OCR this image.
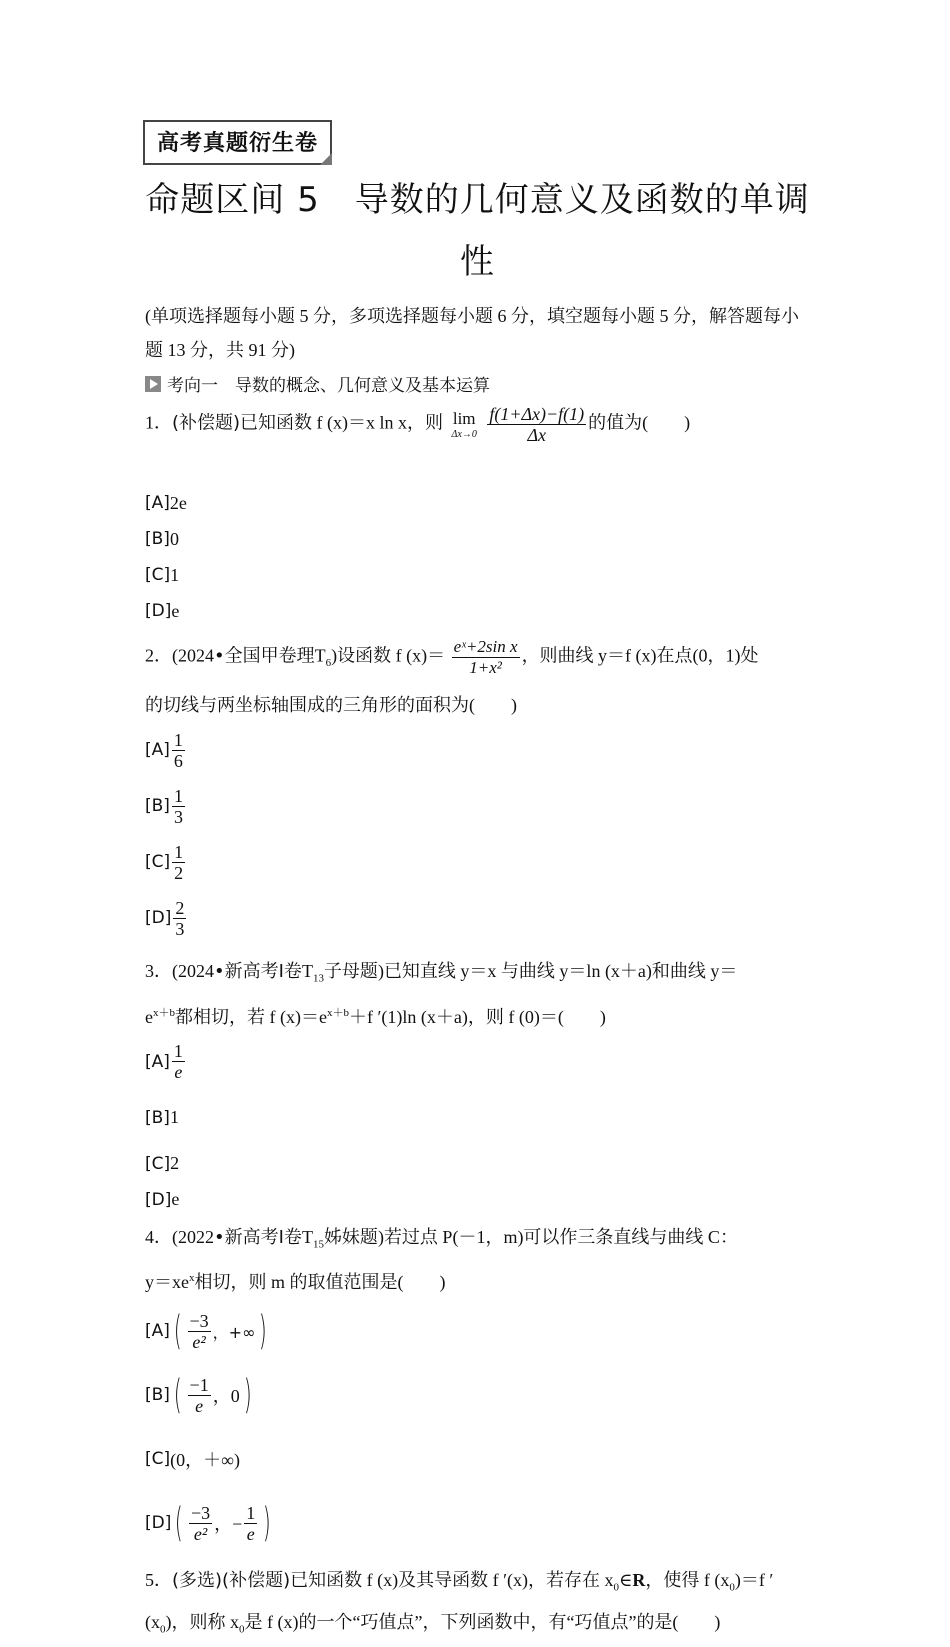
高考真题衍生卷
命题区间 5　导数的几何意义及函数的单调
性
(单项选择题每小题 5 分，多项选择题每小题 6 分，填空题每小题 5 分，解答题每小题 13 分，共 91 分)
考向一　导数的概念、几何意义及基本运算
1．(补偿题)已知函数 f (x)＝x ln x，则 lim
Δx→0
$\frac{f(1+\Delta x)-f(1)}{\Delta x}$ 的值为(　　)
[A] 2e
[B] 0
[C] 1
[D] e
2．(2024•全国甲卷理$T_6$)设函数 f $(x)= \frac{\text{eˣ+2sin x}}{\text{1+x²}}$ ，则曲线 y＝f (x)在点(0，1)处
的切线与两坐标轴围成的三角形的面积为(　　)
$[A] \frac{1}{6}$
$[B] \frac{1}{3}$
$[C] \frac{1}{2}$
$[D] \frac{2}{3}$
3．(2024•新高考Ⅰ卷$T_{13}$子母题)已知直线 y＝x 与曲线 y＝ln (x＋a)和曲线 y＝
$e^{x+b}$都相切，若 f $(x)=e^{x+b}+f$ ′(1)ln (x＋a)，则 f (0)＝(　　)
$[A] \frac{1}{e}$
[B] 1
[C] 2
[D] e
4．(2022•新高考Ⅰ卷$T_{15}$姊妹题)若过点 P(－1，m)可以作三条直线与曲线 C：
$y=xe^x$相切，则 m 的取值范围是(　　)
[A] ( $\frac{-3}{\text{e²}}$ ，+∞ )
[B] ( $\frac{-1}{e}$ ，0 )
[C] (0，＋∞)
[D] ( $\frac{-3}{\text{e²}}$ ，− $\frac{1}{e}$ )
5．(多选)(补偿题)已知函数 f (x)及其导函数 f ′(x)，若存在 $x_0\in R$，使得 f $(x_0)=f$ ′
$(x_0)$，则称 $x_0$是 f (x)的一个“巧值点”，下列函数中，有“巧值点”的是(　　)
